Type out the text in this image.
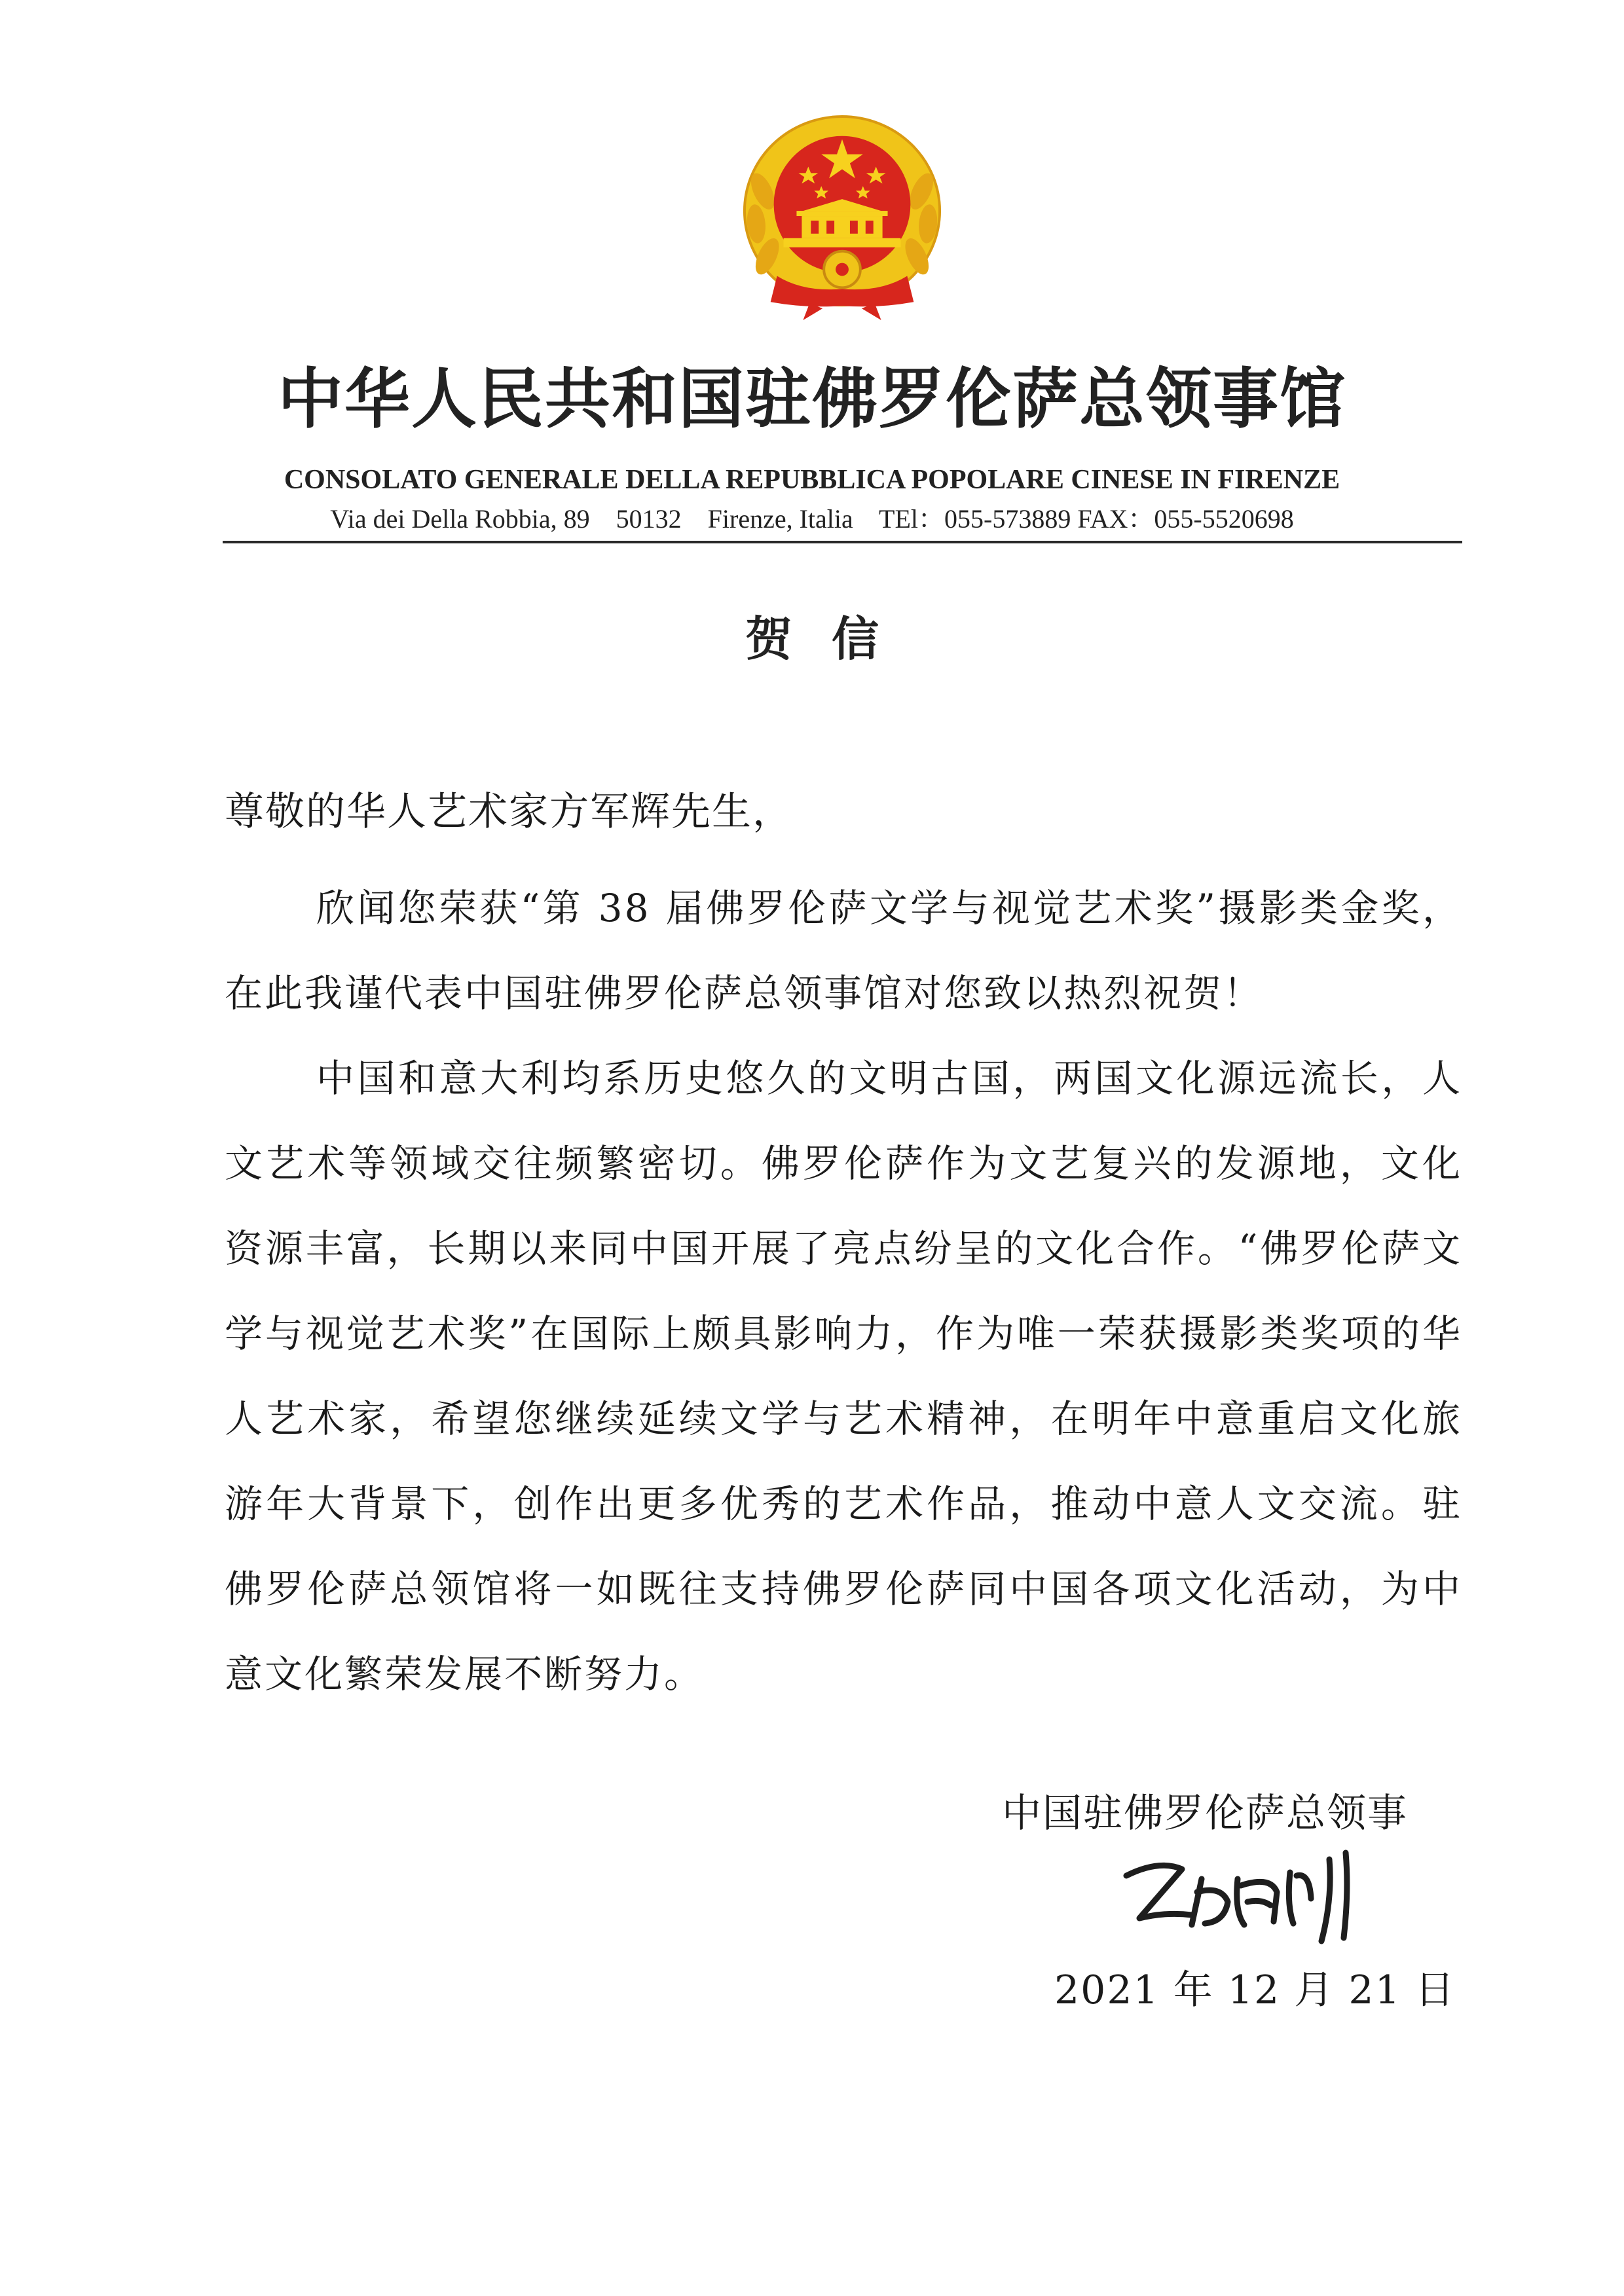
中华人民共和国驻佛罗伦萨总领事馆
CONSOLATO GENERALE DELLA REPUBBLICA POPOLARE CINESE IN FIRENZE
Via dei Della Robbia, 89    50132    Firenze, Italia    TEl：055-573889 FAX：055-5520698
贺信
尊敬的华人艺术家方军辉先生，

欣闻您荣获“第 38 届佛罗伦萨文学与视觉艺术奖”摄影类金奖，在此我谨代表中国驻佛罗伦萨总领事馆对您致以热烈祝贺！

中国和意大利均系历史悠久的文明古国，两国文化源远流长，人文艺术等领域交往频繁密切。佛罗伦萨作为文艺复兴的发源地，文化资源丰富，长期以来同中国开展了亮点纷呈的文化合作。“佛罗伦萨文学与视觉艺术奖”在国际上颇具影响力，作为唯一荣获摄影类奖项的华人艺术家，希望您继续延续文学与艺术精神，在明年中意重启文化旅游年大背景下，创作出更多优秀的艺术作品，推动中意人文交流。驻佛罗伦萨总领馆将一如既往支持佛罗伦萨同中国各项文化活动，为中意文化繁荣发展不断努力。

中国驻佛罗伦萨总领事
2021 年 12 月 21 日
